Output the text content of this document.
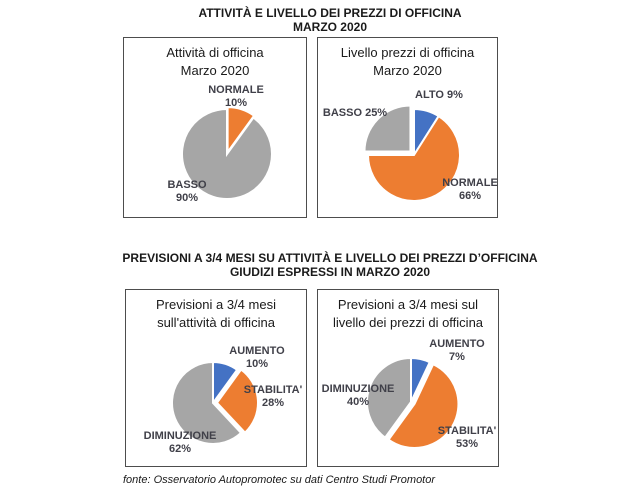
ATTIVITÀ E LIVELLO DEI PREZZI DI OFFICINA
MARZO 2020
Attività di officina
Marzo 2020
NORMALE
10%
BASSO
90%
Livello prezzi di officina
Marzo 2020
ALTO 9%
BASSO 25%
NORMALE
66%
PREVISIONI A 3/4 MESI SU ATTIVITÀ E LIVELLO DEI PREZZI D’OFFICINA
GIUDIZI ESPRESSI IN MARZO 2020
Previsioni a 3/4 mesi
sull'attività di officina
AUMENTO
10%
STABILITA'
28%
DIMINUZIONE
62%
Previsioni a 3/4 mesi sul
livello dei prezzi di officina
AUMENTO
7%
DIMINUZIONE
40%
STABILITA'
53%
fonte: Osservatorio Autopromotec su dati Centro Studi Promotor
